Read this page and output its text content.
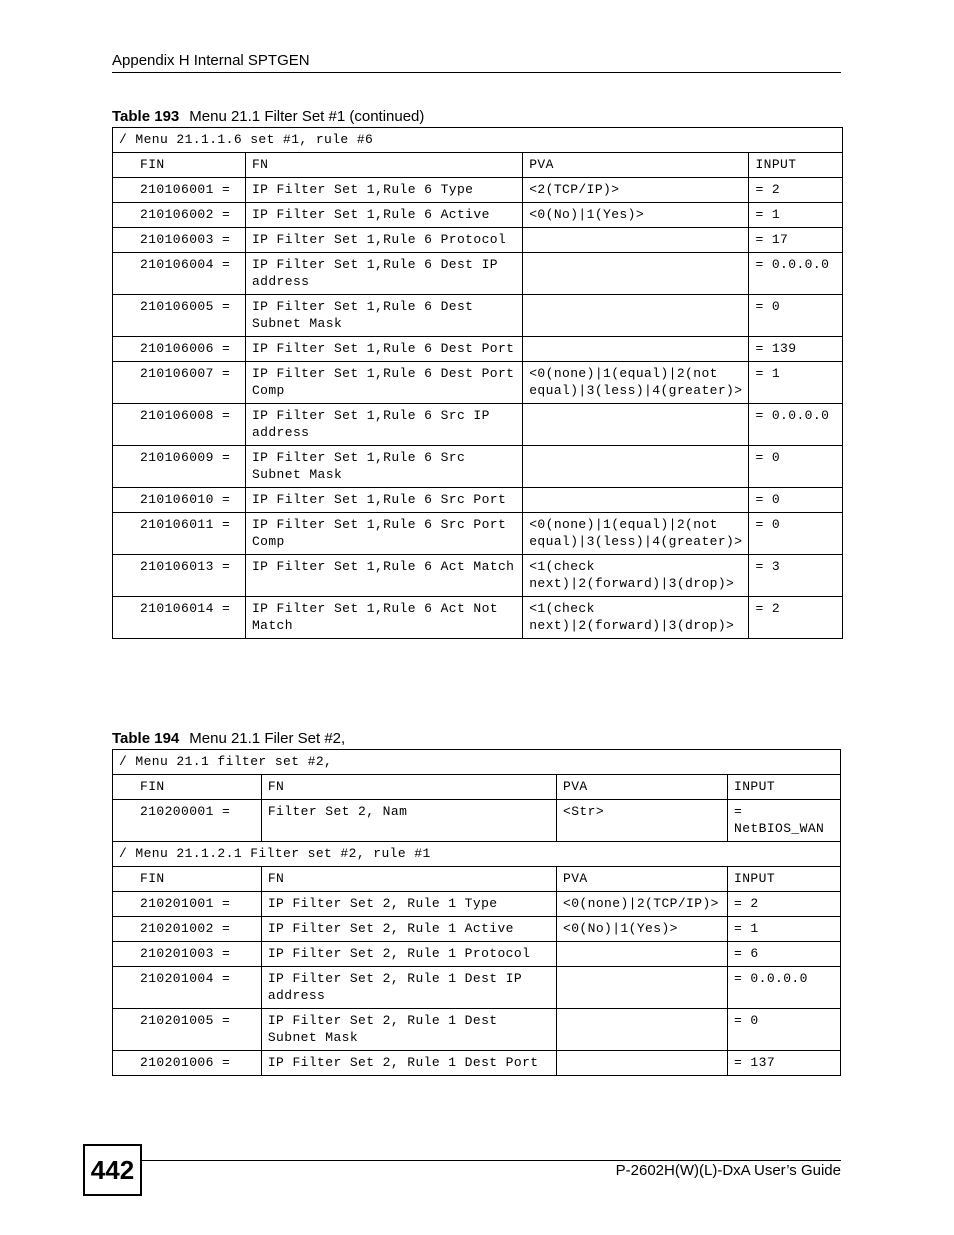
Appendix H Internal SPTGEN
Table 193 Menu 21.1 Filter Set #1 (continued)
/ Menu 21.1.1.6 set #1, rule #6			
FIN	FN	PVA	INPUT
210106001 =	IP Filter Set 1,Rule 6 Type	<2(TCP/IP)>	= 2
210106002 =	IP Filter Set 1,Rule 6 Active	<0(No)|1(Yes)>	= 1
210106003 =	IP Filter Set 1,Rule 6 Protocol		= 17
210106004 =	IP Filter Set 1,Rule 6 Dest IP address		= 0.0.0.0
210106005 =	IP Filter Set 1,Rule 6 Dest Subnet Mask		= 0
210106006 =	IP Filter Set 1,Rule 6 Dest Port		= 139
210106007 =	IP Filter Set 1,Rule 6 Dest Port Comp	<0(none)|1(equal)|2(not equal)|3(less)|4(greater)>	= 1
210106008 =	IP Filter Set 1,Rule 6 Src IP address		= 0.0.0.0
210106009 =	IP Filter Set 1,Rule 6 Src Subnet Mask		= 0
210106010 =	IP Filter Set 1,Rule 6 Src Port		= 0
210106011 =	IP Filter Set 1,Rule 6 Src Port Comp	<0(none)|1(equal)|2(not equal)|3(less)|4(greater)>	= 0
210106013 =	IP Filter Set 1,Rule 6 Act Match	<1(check next)|2(forward)|3(drop)>	= 3
210106014 =	IP Filter Set 1,Rule 6 Act Not Match	<1(check next)|2(forward)|3(drop)>	= 2
Table 194 Menu 21.1 Filer Set #2,
/ Menu 21.1 filter set #2,			
FIN	FN	PVA	INPUT
210200001 =	Filter Set 2, Nam	<Str>	= NetBIOS_WAN
/ Menu 21.1.2.1 Filter set #2, rule #1			
FIN	FN	PVA	INPUT
210201001 =	IP Filter Set 2, Rule 1 Type	<0(none)|2(TCP/IP)>	= 2
210201002 =	IP Filter Set 2, Rule 1 Active	<0(No)|1(Yes)>	= 1
210201003 =	IP Filter Set 2, Rule 1 Protocol		= 6
210201004 =	IP Filter Set 2, Rule 1 Dest IP address		= 0.0.0.0
210201005 =	IP Filter Set 2, Rule 1 Dest Subnet Mask		= 0
210201006 =	IP Filter Set 2, Rule 1 Dest Port		= 137
442	P-2602H(W)(L)-DxA User’s Guide
